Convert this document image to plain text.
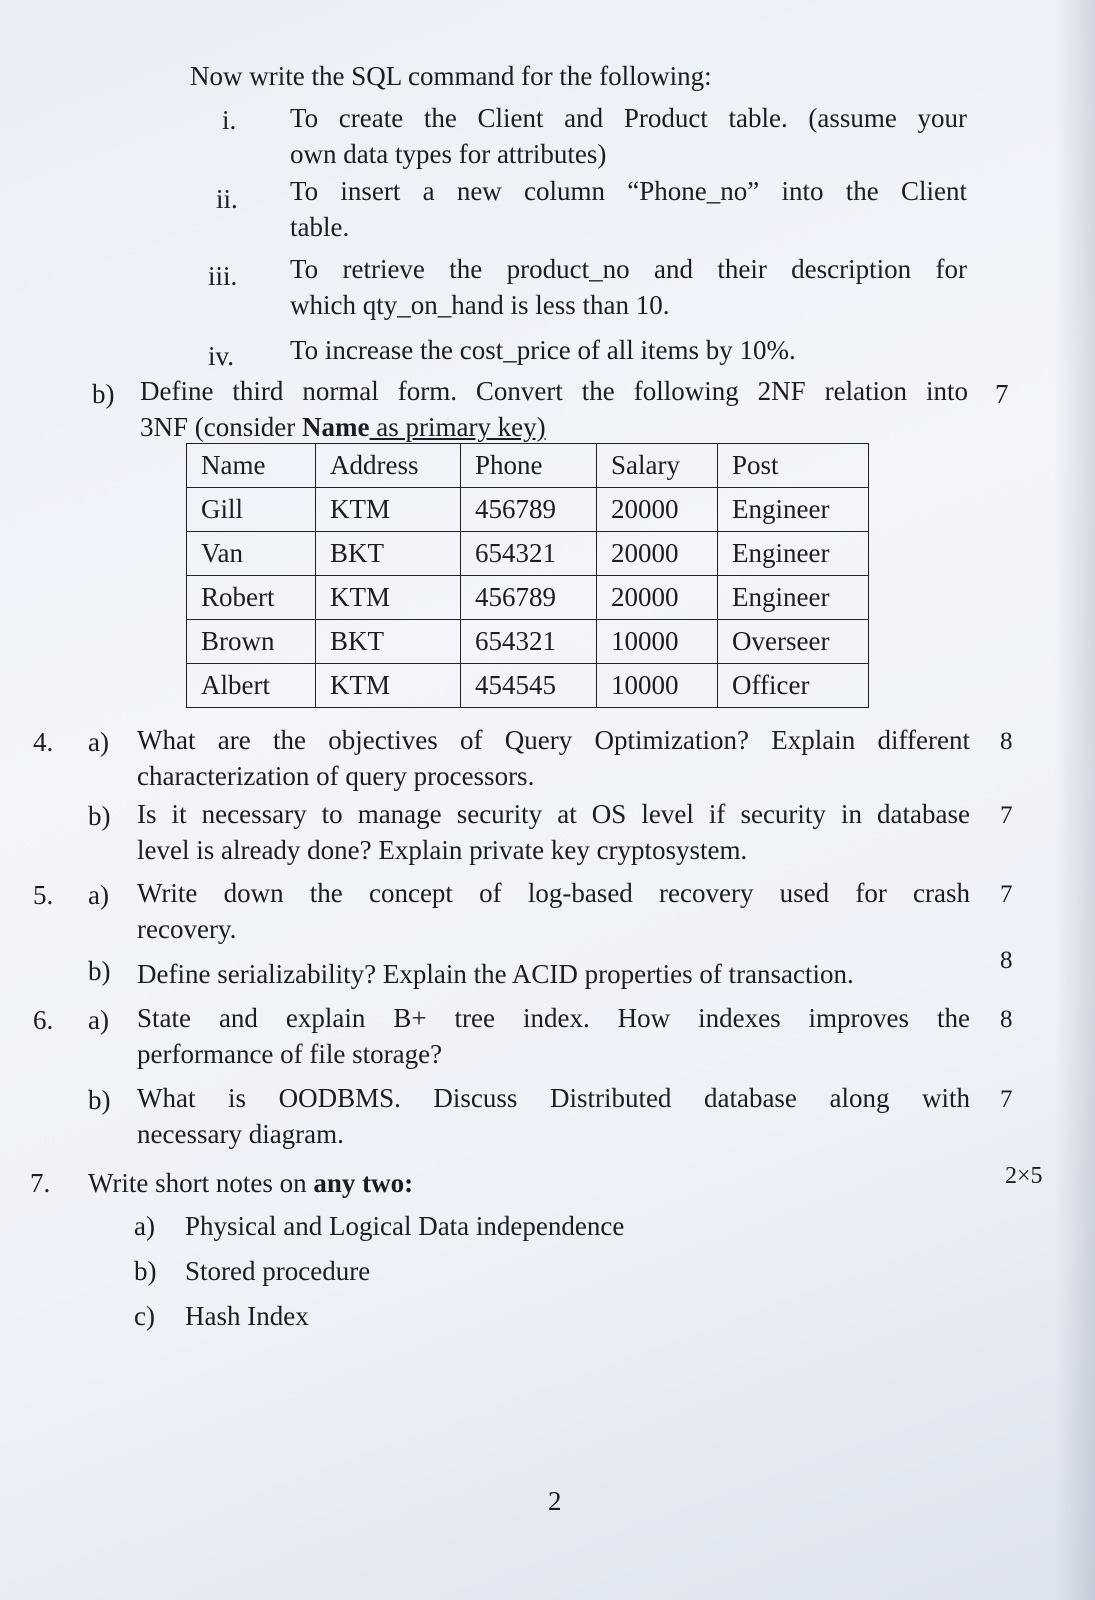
Now write the SQL command for the following:
i. To create the Client and Product table. (assume your
own data types for attributes)
ii. To insert a new column “Phone_no” into the Client
table.
iii. To retrieve the product_no and their description for
which qty_on_hand is less than 10.
iv. To increase the cost_price of all items by 10%.
b) Define third normal form. Convert the following 2NF relation into
3NF (consider Name as primary key)
7
Name	Address	Phone	Salary	Post
Gill	KTM	456789	20000	Engineer
Van	BKT	654321	20000	Engineer
Robert	KTM	456789	20000	Engineer
Brown	BKT	654321	10000	Overseer
Albert	KTM	454545	10000	Officer
4. a) What are the objectives of Query Optimization? Explain different
characterization of query processors.
8
b) Is it necessary to manage security at OS level if security in database
level is already done? Explain private key cryptosystem.
7
5. a) Write down the concept of log-based recovery used for crash
recovery.
7
b) Define serializability? Explain the ACID properties of transaction.	8
6. a) State and explain B+ tree index. How indexes improves the
performance of file storage?
8
b) What is OODBMS. Discuss Distributed database along with
necessary diagram.
7
7. Write short notes on any two:	2×5
a) Physical and Logical Data independence
b) Stored procedure
c) Hash Index
2
